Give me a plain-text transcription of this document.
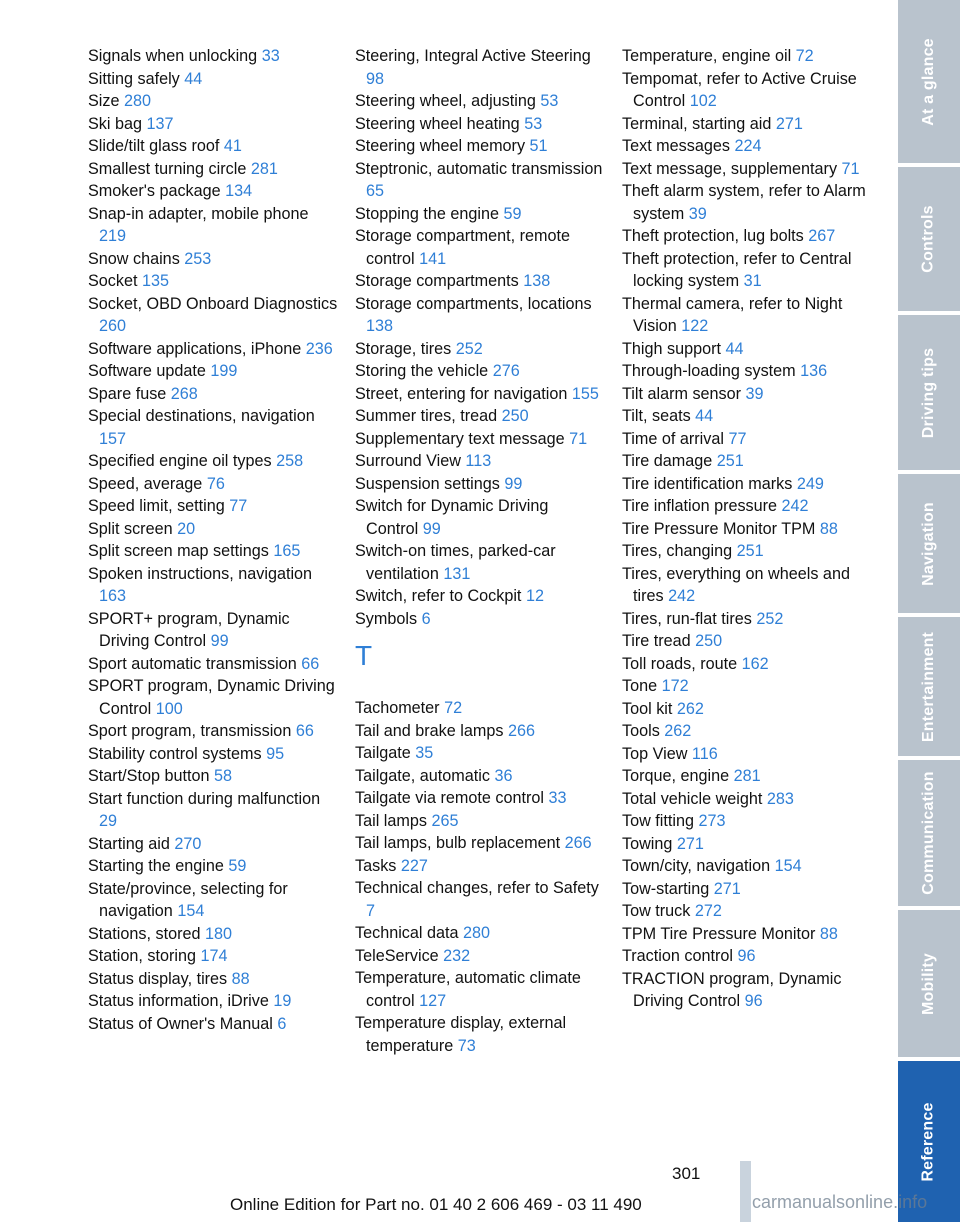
Signals when unlocking 33
Sitting safely 44
Size 280
Ski bag 137
Slide/tilt glass roof 41
Smallest turning circle 281
Smoker's package 134
Snap-in adapter, mobile phone 219
Snow chains 253
Socket 135
Socket, OBD Onboard Diagnostics 260
Software applications, iPhone 236
Software update 199
Spare fuse 268
Special destinations, navigation 157
Specified engine oil types 258
Speed, average 76
Speed limit, setting 77
Split screen 20
Split screen map settings 165
Spoken instructions, navigation 163
SPORT+ program, Dynamic Driving Control 99
Sport automatic transmission 66
SPORT program, Dynamic Driving Control 100
Sport program, transmission 66
Stability control systems 95
Start/Stop button 58
Start function during malfunction 29
Starting aid 270
Starting the engine 59
State/province, selecting for navigation 154
Stations, stored 180
Station, storing 174
Status display, tires 88
Status information, iDrive 19
Status of Owner's Manual 6
Steering, Integral Active Steering 98
Steering wheel, adjusting 53
Steering wheel heating 53
Steering wheel memory 51
Steptronic, automatic transmission 65
Stopping the engine 59
Storage compartment, remote control 141
Storage compartments 138
Storage compartments, locations 138
Storage, tires 252
Storing the vehicle 276
Street, entering for navigation 155
Summer tires, tread 250
Supplementary text message 71
Surround View 113
Suspension settings 99
Switch for Dynamic Driving Control 99
Switch-on times, parked-car ventilation 131
Switch, refer to Cockpit 12
Symbols 6
T
Tachometer 72
Tail and brake lamps 266
Tailgate 35
Tailgate, automatic 36
Tailgate via remote control 33
Tail lamps 265
Tail lamps, bulb replacement 266
Tasks 227
Technical changes, refer to Safety 7
Technical data 280
TeleService 232
Temperature, automatic climate control 127
Temperature display, external temperature 73
Temperature, engine oil 72
Tempomat, refer to Active Cruise Control 102
Terminal, starting aid 271
Text messages 224
Text message, supplementary 71
Theft alarm system, refer to Alarm system 39
Theft protection, lug bolts 267
Theft protection, refer to Central locking system 31
Thermal camera, refer to Night Vision 122
Thigh support 44
Through-loading system 136
Tilt alarm sensor 39
Tilt, seats 44
Time of arrival 77
Tire damage 251
Tire identification marks 249
Tire inflation pressure 242
Tire Pressure Monitor TPM 88
Tires, changing 251
Tires, everything on wheels and tires 242
Tires, run-flat tires 252
Tire tread 250
Toll roads, route 162
Tone 172
Tool kit 262
Tools 262
Top View 116
Torque, engine 281
Total vehicle weight 283
Tow fitting 273
Towing 271
Town/city, navigation 154
Tow-starting 271
Tow truck 272
TPM Tire Pressure Monitor 88
Traction control 96
TRACTION program, Dynamic Driving Control 96
At a glance
Controls
Driving tips
Navigation
Entertainment
Communication
Mobility
Reference
301
Online Edition for Part no. 01 40 2 606 469 - 03 11 490	carmanualsonline.info
